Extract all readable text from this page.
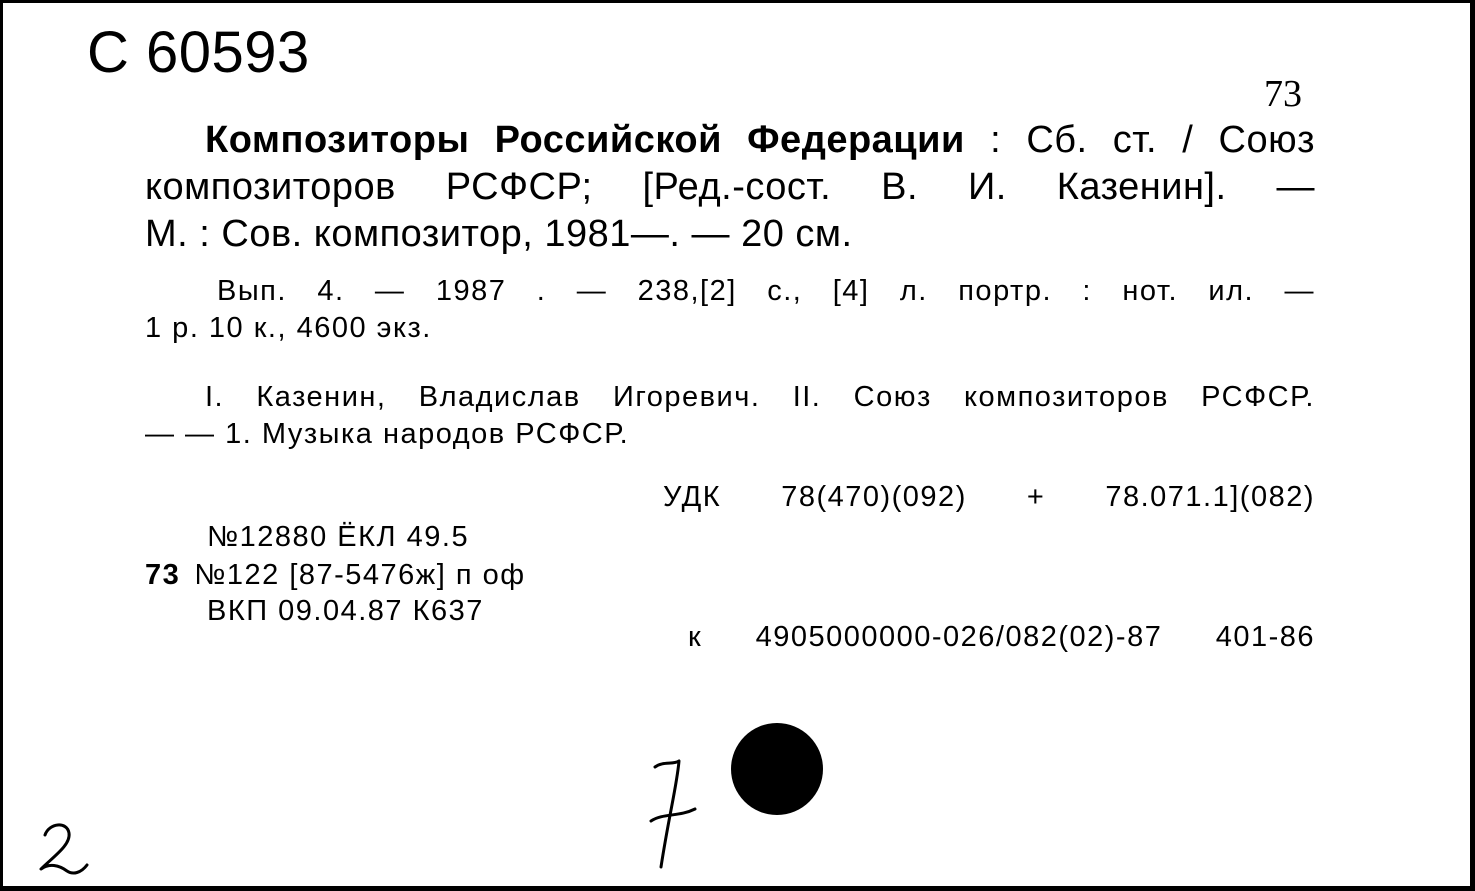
С 60593
73
Композиторы Российской Федерации : Сб. ст. / Союз
композиторов РСФСР; [Ред.-сост. В. И. Казенин]. —
М. : Сов. композитор, 1981—. — 20 см.
Вып. 4. — 1987 . — 238,[2] с., [4] л. портр. : нот. ил. —
1 р. 10 к., 4600 экз.
I. Казенин, Владислав Игоревич. II. Союз композиторов РСФСР.
— — 1. Музыка народов РСФСР.
УДК 78(470)(092) + 78.071.1](082)
№12880 ЁКЛ 49.5
73 №122 [87-5476ж] п оф
ВКП 09.04.87 К637
к 4905000000-026/082(02)-87 401-86
